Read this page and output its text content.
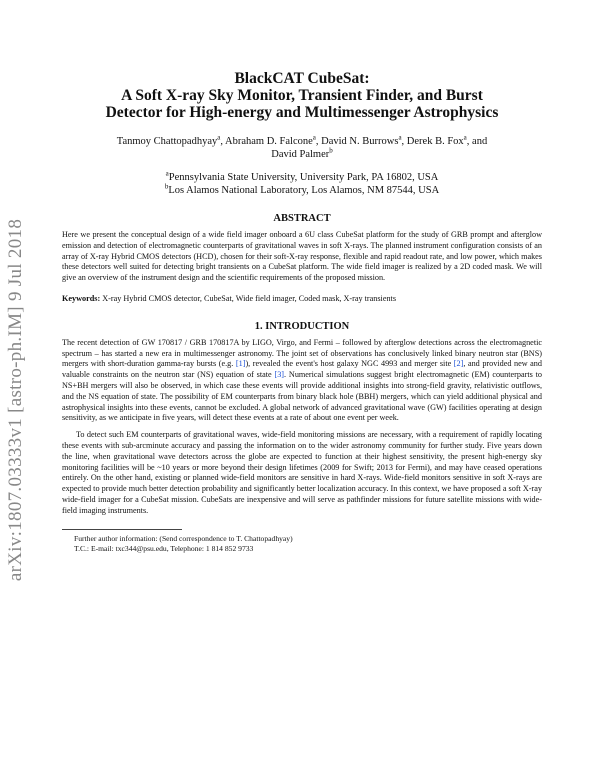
arXiv:1807.03333v1 [astro-ph.IM] 9 Jul 2018
BlackCAT CubeSat:
A Soft X-ray Sky Monitor, Transient Finder, and Burst
Detector for High-energy and Multimessenger Astrophysics
Tanmoy Chattopadhyay$^a$, Abraham D. Falcone$^a$, David N. Burrows$^a$, Derek B. Fox$^a$, and
David Palmer$^b$
$^a$Pennsylvania State University, University Park, PA 16802, USA
$^b$Los Alamos National Laboratory, Los Alamos, NM 87544, USA
ABSTRACT

Here we present the conceptual design of a wide field imager onboard a 6U class CubeSat platform for the study of GRB prompt and afterglow emission and detection of electromagnetic counterparts of gravitational waves in soft X-rays. The planned instrument configuration consists of an array of X-ray Hybrid CMOS detectors (HCD), chosen for their soft-X-ray response, flexible and rapid readout rate, and low power, which makes these detectors well suited for detecting bright transients on a CubeSat platform. The wide field imager is realized by a 2D coded mask. We will give an overview of the instrument design and the scientific requirements of the proposed mission.

Keywords: X-ray Hybrid CMOS detector, CubeSat, Wide field imager, Coded mask, X-ray transients

1. INTRODUCTION

The recent detection of GW 170817 / GRB 170817A by LIGO, Virgo, and Fermi – followed by afterglow detections across the electromagnetic spectrum – has started a new era in multimessenger astronomy. The joint set of observations has conclusively linked binary neutron star (BNS) mergers with short-duration gamma-ray bursts (e.g. [1]), revealed the event's host galaxy NGC 4993 and merger site [2], and provided new and valuable constraints on the neutron star (NS) equation of state [3]. Numerical simulations suggest bright electromagnetic (EM) counterparts to NS+BH mergers will also be observed, in which case these events will provide additional insights into strong-field gravity, relativistic outflows, and the NS equation of state. The possibility of EM counterparts from binary black hole (BBH) mergers, which can yield additional physical and astrophysical insights into these events, cannot be excluded. A global network of advanced gravitational wave (GW) facilities operating at design sensitivity, as we anticipate in five years, will detect these events at a rate of about one event per week.

To detect such EM counterparts of gravitational waves, wide-field monitoring missions are necessary, with a requirement of rapidly locating these events with sub-arcminute accuracy and passing the information on to the wider astronomy community for further study. Five years down the line, when gravitational wave detectors across the globe are expected to function at their highest sensitivity, the present high-energy sky monitoring facilities will be ~10 years or more beyond their design lifetimes (2009 for Swift; 2013 for Fermi), and may have ceased operations entirely. On the other hand, existing or planned wide-field monitors are sensitive in hard X-rays. Wide-field monitors sensitive in soft X-rays are expected to provide much better detection probability and significantly better localization accuracy. In this context, we have proposed a soft X-ray wide-field imager for a CubeSat mission. CubeSats are inexpensive and will serve as pathfinder missions for future satellite missions with wide-field imaging instruments.

Further author information: (Send correspondence to T. Chattopadhyay)

T.C.: E-mail: txc344@psu.edu, Telephone: 1 814 852 9733
